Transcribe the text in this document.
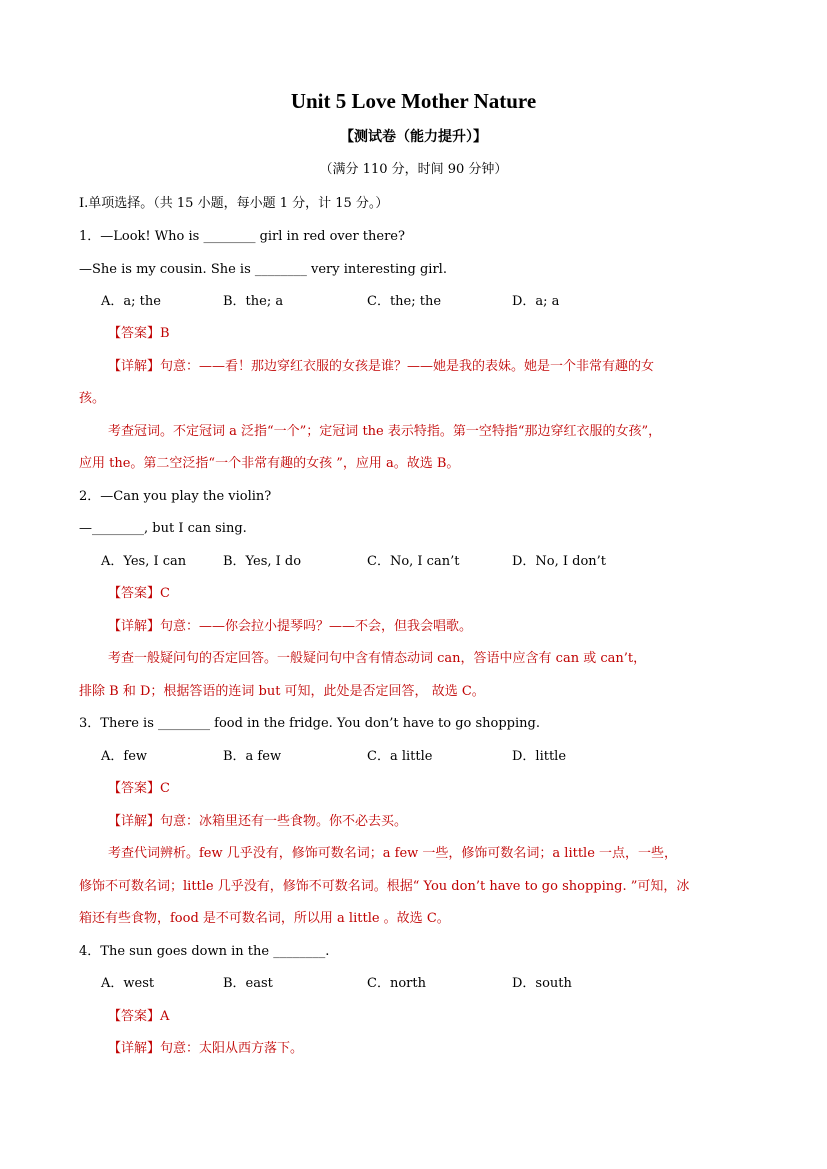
Unit 5 Love Mother Nature
【测试卷（能力提升）】
（满分 110 分，时间 90 分钟）
I.单项选择。（共 15 小题，每小题 1 分，计 15 分。）
1．—Look! Who is ________ girl in red over there?
—She is my cousin. She is ________ very interesting girl.
A．a; the	B．the; a	C．the; the	D．a; a
【答案】B
【详解】句意：——看！那边穿红衣服的女孩是谁？——她是我的表妹。她是一个非常有趣的女
孩。
考查冠词。不定冠词 a 泛指“一个”；定冠词 the 表示特指。第一空特指“那边穿红衣服的女孩”，
应用 the。第二空泛指“一个非常有趣的女孩 ”，应用 a。故选 B。
2．—Can you play the violin?
—________, but I can sing.
A．Yes, I can	B．Yes, I do	C．No, I can’t	D．No, I don’t
【答案】C
【详解】句意：——你会拉小提琴吗？——不会，但我会唱歌。
考查一般疑问句的否定回答。一般疑问句中含有情态动词 can，答语中应含有 can 或 can’t，
排除 B 和 D；根据答语的连词 but 可知，此处是否定回答， 故选 C。
3．There is ________ food in the fridge. You don’t have to go shopping.
A．few	B．a few	C．a little	D．little
【答案】C
【详解】句意：冰箱里还有一些食物。你不必去买。
考查代词辨析。few 几乎没有，修饰可数名词；a few 一些，修饰可数名词；a little 一点，一些，
修饰不可数名词；little 几乎没有，修饰不可数名词。根据“ You don’t have to go shopping. ”可知，冰
箱还有些食物，food 是不可数名词，所以用 a little 。故选 C。
4．The sun goes down in the ________.
A．west	B．east	C．north	D．south
【答案】A
【详解】句意：太阳从西方落下。
